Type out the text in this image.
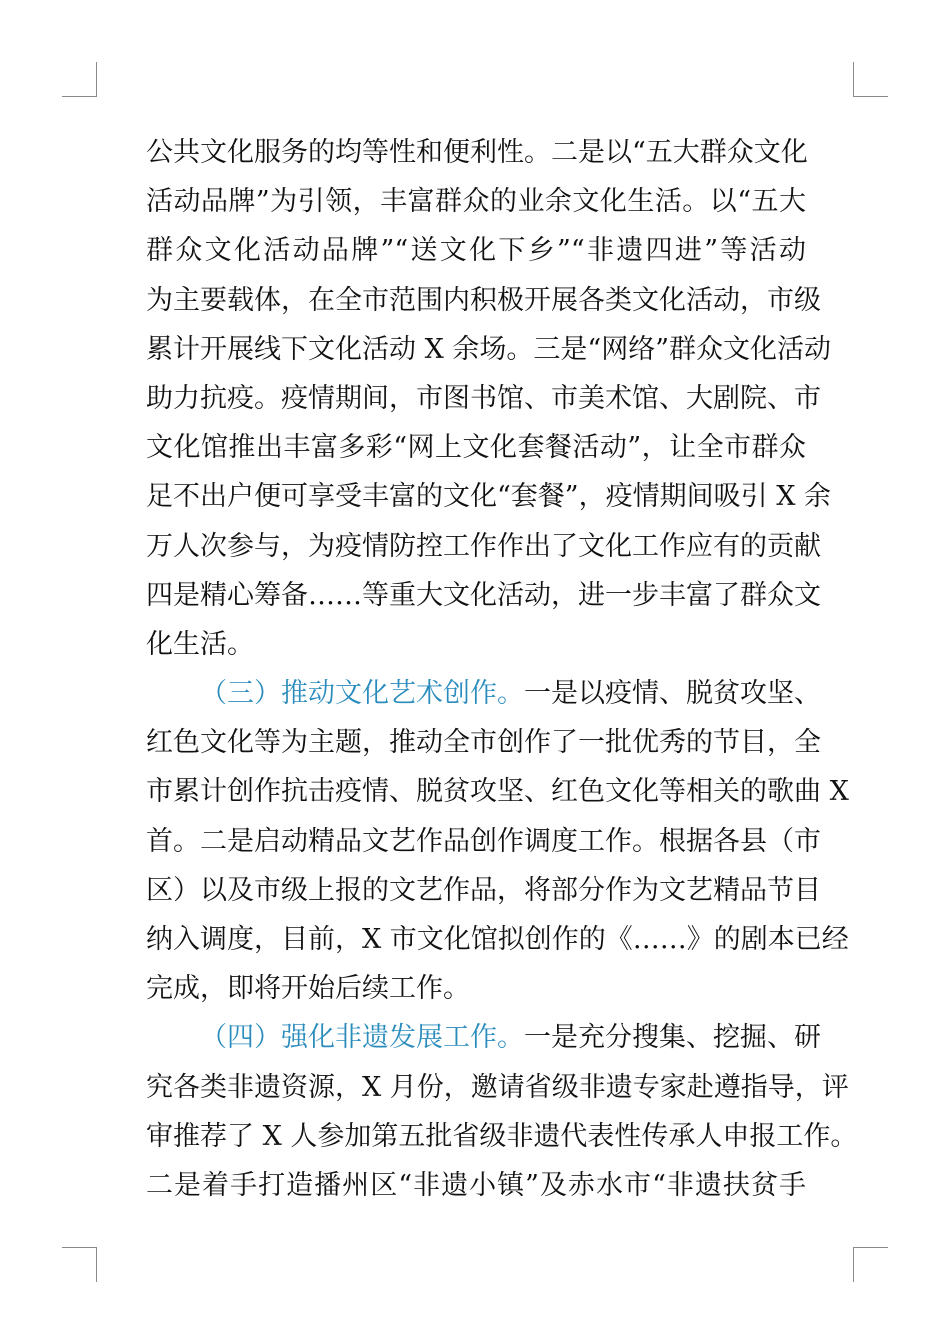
公共文化服务的均等性和便利性。二是以“五大群众文化
活动品牌”为引领，丰富群众的业余文化生活。以“五大
群众文化活动品牌”“送文化下乡”“非遗四进”等活动
为主要载体，在全市范围内积极开展各类文化活动，市级
累计开展线下文化活动 X 余场。三是“网络”群众文化活动
助力抗疫。疫情期间，市图书馆、市美术馆、大剧院、市
文化馆推出丰富多彩“网上文化套餐活动”，让全市群众
足不出户便可享受丰富的文化“套餐”，疫情期间吸引 X 余
万人次参与，为疫情防控工作作出了文化工作应有的贡献
四是精心筹备……等重大文化活动，进一步丰富了群众文
化生活。
（三）推动文化艺术创作。一是以疫情、脱贫攻坚、
红色文化等为主题，推动全市创作了一批优秀的节目，全
市累计创作抗击疫情、脱贫攻坚、红色文化等相关的歌曲 X
首。二是启动精品文艺作品创作调度工作。根据各县（市
区）以及市级上报的文艺作品，将部分作为文艺精品节目
纳入调度，目前，X 市文化馆拟创作的《……》的剧本已经
完成，即将开始后续工作。
（四）强化非遗发展工作。一是充分搜集、挖掘、研
究各类非遗资源，X 月份，邀请省级非遗专家赴遵指导，评
审推荐了 X 人参加第五批省级非遗代表性传承人申报工作。
二是着手打造播州区“非遗小镇”及赤水市“非遗扶贫手
